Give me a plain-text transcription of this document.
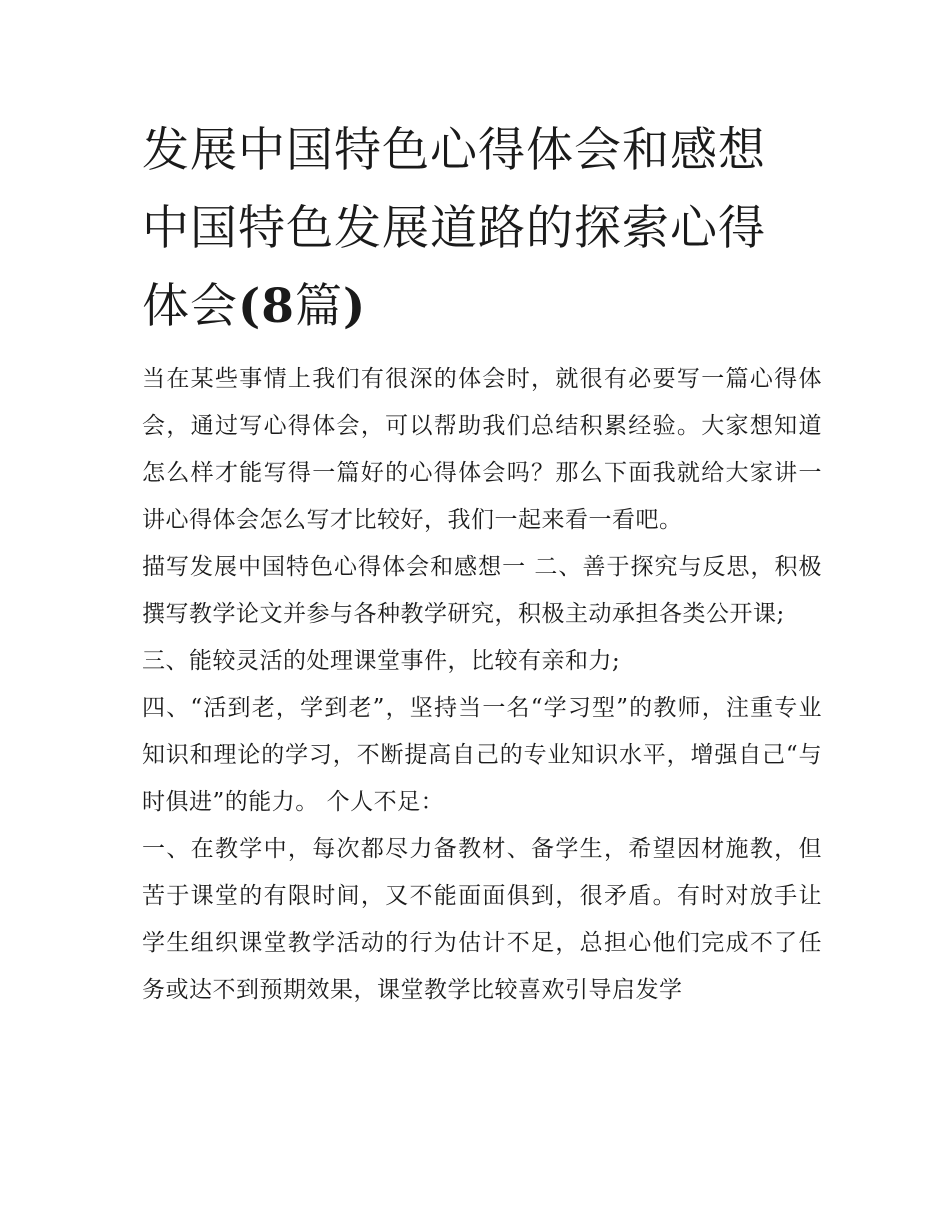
发展中国特色心得体会和感想
中国特色发展道路的探索心得
体会(8篇)

当在某些事情上我们有很深的体会时，就很有必要写一篇心得体会，通过写心得体会，可以帮助我们总结积累经验。大家想知道怎么样才能写得一篇好的心得体会吗？那么下面我就给大家讲一讲心得体会怎么写才比较好，我们一起来看一看吧。

描写发展中国特色心得体会和感想一 二、善于探究与反思，积极撰写教学论文并参与各种教学研究，积极主动承担各类公开课;

三、能较灵活的处理课堂事件，比较有亲和力;

四、“活到老，学到老”，坚持当一名“学习型”的教师，注重专业知识和理论的学习，不断提高自己的专业知识水平，增强自己“与时俱进”的能力。 个人不足：

一、在教学中，每次都尽力备教材、备学生，希望因材施教，但苦于课堂的有限时间，又不能面面俱到，很矛盾。有时对放手让学生组织课堂教学活动的行为估计不足，总担心他们完成不了任务或达不到预期效果，课堂教学比较喜欢引导启发学
